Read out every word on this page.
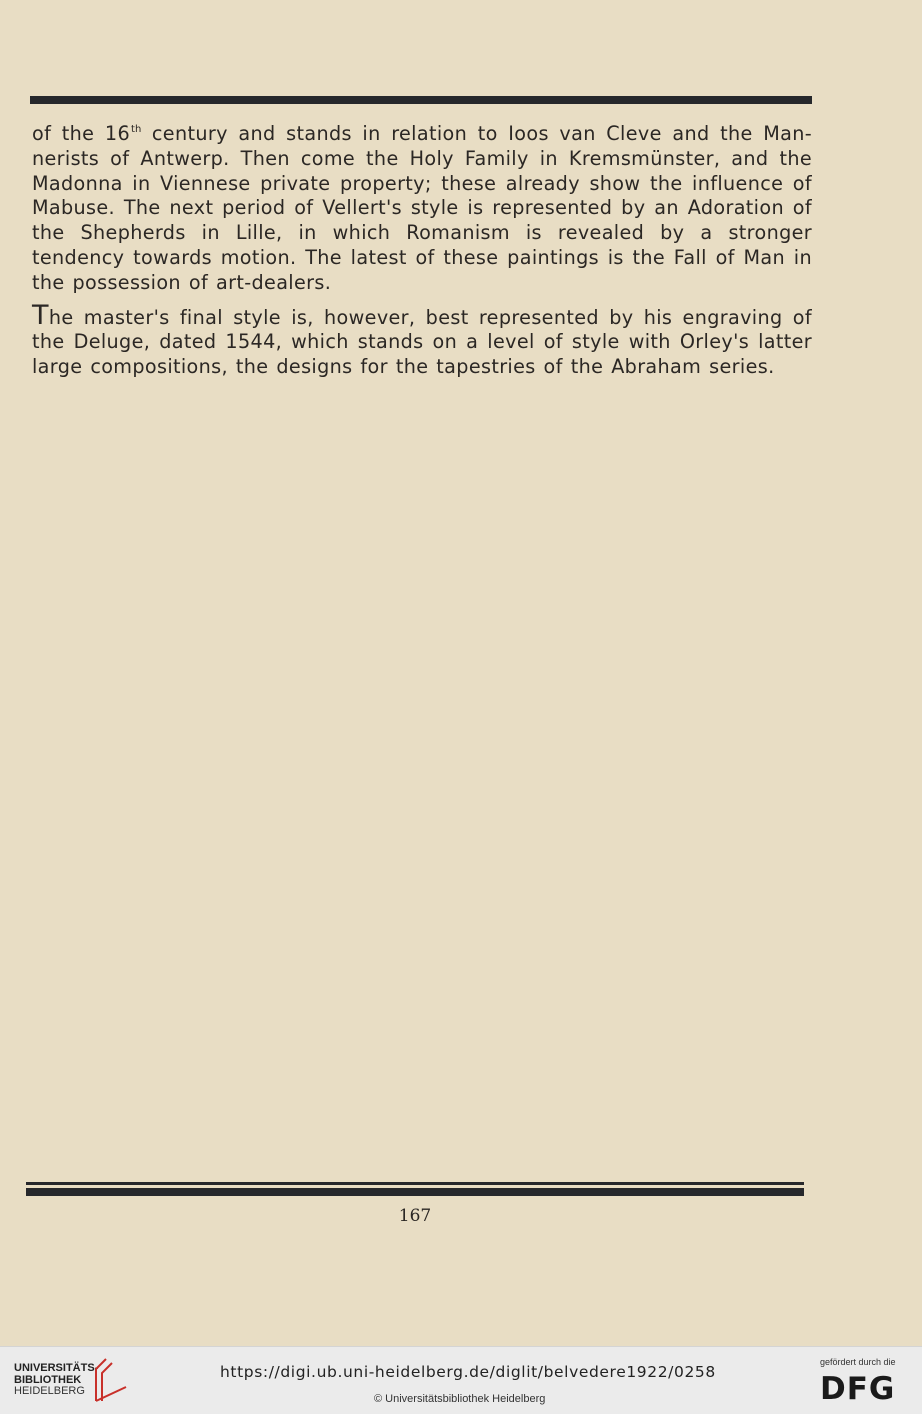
of the 16th century and stands in relation to Ioos van Cleve and the Man-nerists of Antwerp. Then come the Holy Family in Kremsmünster, and the Madonna in Viennese private property; these already show the influence of Mabuse. The next period of Vellert's style is represented by an Adoration of the Shepherds in Lille, in which Romanism is revealed by a stronger tendency towards motion. The latest of these paintings is the Fall of Man in the possession of art-dealers.

The master's final style is, however, best represented by his engraving of the Deluge, dated 1544, which stands on a level of style with Orley's latter large compositions, the designs for the tapestries of the Abraham series.

167
UNIVERSITÄTS-
BIBLIOTHEK
HEIDELBERG
https://digi.ub.uni-heidelberg.de/diglit/belvedere1922/0258
© Universitätsbibliothek Heidelberg
gefördert durch die
DFG
